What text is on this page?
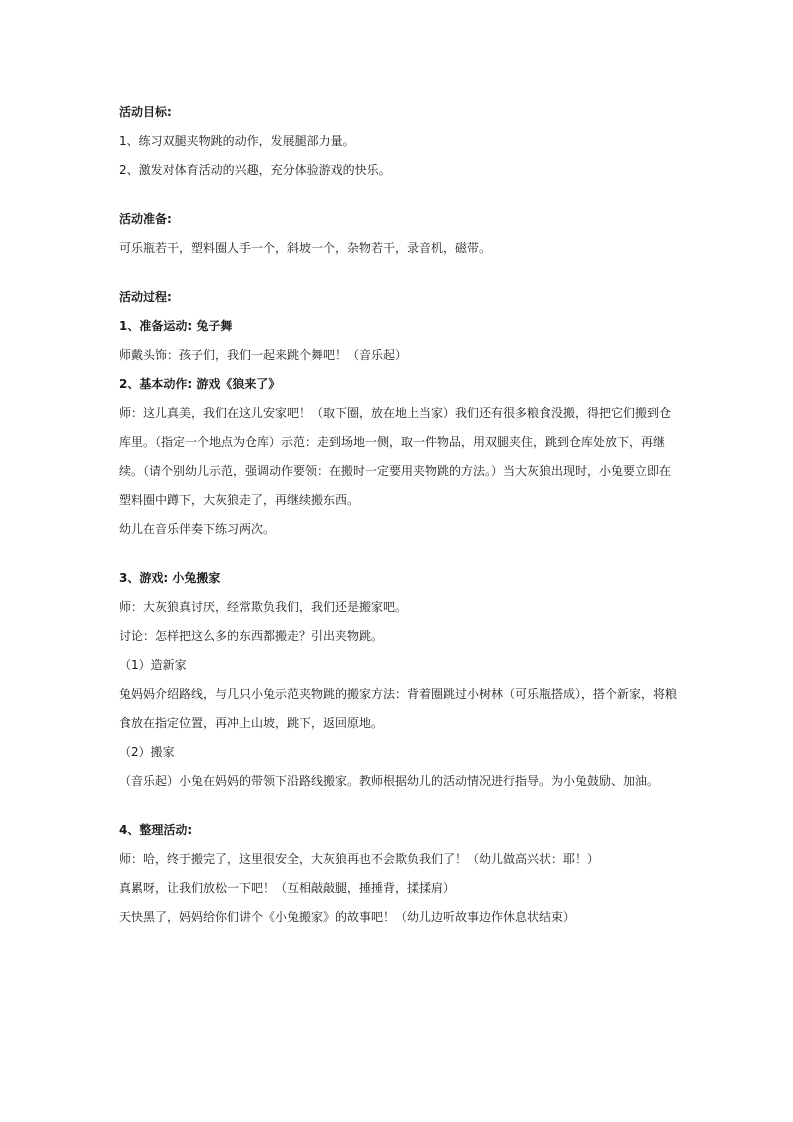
活动目标:

1、练习双腿夹物跳的动作，发展腿部力量。

2、激发对体育活动的兴趣，充分体验游戏的快乐。

活动准备:

可乐瓶若干，塑料圈人手一个，斜坡一个，杂物若干，录音机，磁带。

活动过程:

1、准备运动: 兔子舞

师戴头饰：孩子们，我们一起来跳个舞吧！（音乐起）

2、基本动作: 游戏《狼来了》

师：这儿真美，我们在这儿安家吧！（取下圈，放在地上当家）我们还有很多粮食没搬，得把它们搬到仓库里。（指定一个地点为仓库）示范：走到场地一侧，取一件物品，用双腿夹住，跳到仓库处放下，再继续。（请个别幼儿示范，强调动作要领：在搬时一定要用夹物跳的方法。）当大灰狼出现时，小兔要立即在塑料圈中蹲下，大灰狼走了，再继续搬东西。

幼儿在音乐伴奏下练习两次。

3、游戏: 小兔搬家

师：大灰狼真讨厌，经常欺负我们，我们还是搬家吧。

讨论：怎样把这么多的东西都搬走？引出夹物跳。

（1）造新家

兔妈妈介绍路线，与几只小兔示范夹物跳的搬家方法：背着圈跳过小树林（可乐瓶搭成），搭个新家，将粮食放在指定位置，再冲上山坡，跳下，返回原地。

（2）搬家

（音乐起）小兔在妈妈的带领下沿路线搬家。教师根据幼儿的活动情况进行指导。为小兔鼓励、加油。

4、整理活动:

师：哈，终于搬完了，这里很安全，大灰狼再也不会欺负我们了！（幼儿做高兴状：耶！）

真累呀，让我们放松一下吧！（互相敲敲腿，捶捶背，揉揉肩）

天快黑了，妈妈给你们讲个《小兔搬家》的故事吧！（幼儿边听故事边作休息状结束）
